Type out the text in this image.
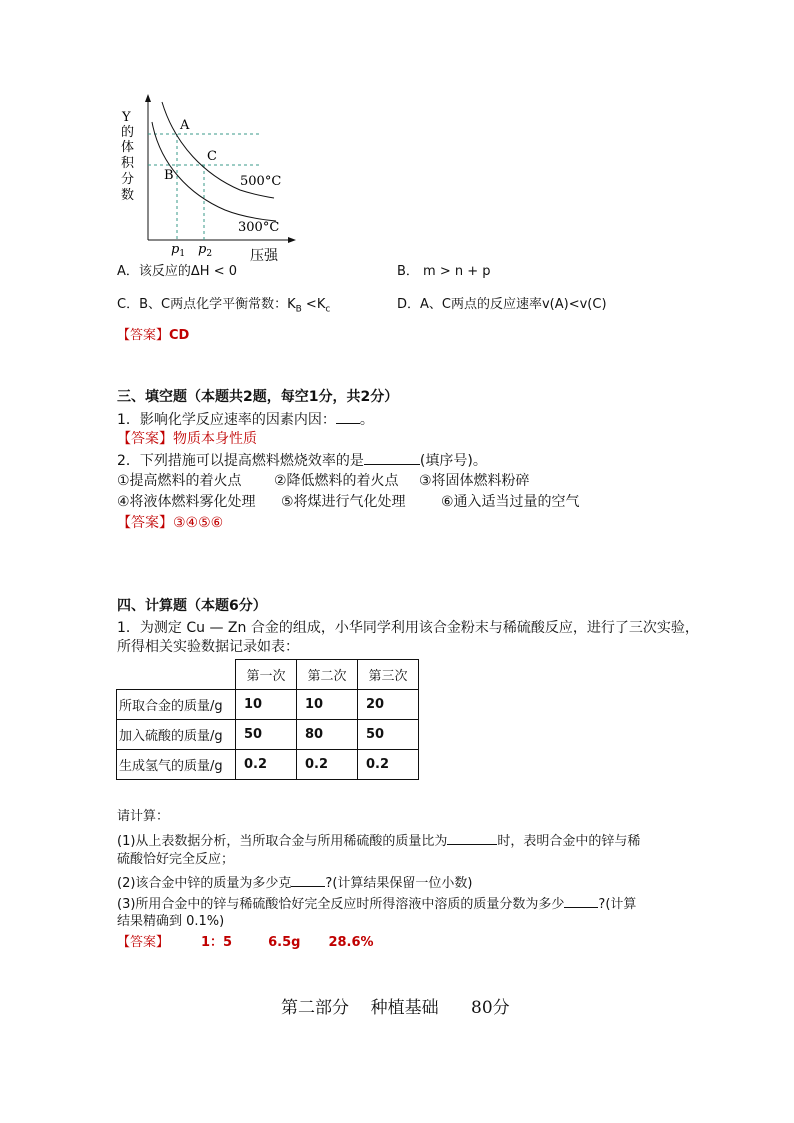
A
B
C
500°C
300°C
$p_1$ $p_2$	压强
Y
的
体
积
分
数
A．该反应的ΔH < 0	B． m > n + p
C．B、C两点化学平衡常数：$K_B <K_c$	D．A、C两点的反应速率v(A)<v(C)
【答案】CD
三、填空题（本题共2题，每空1分，共2分）
1．影响化学反应速率的因素内因： 。
【答案】物质本身性质
2．下列措施可以提高燃料燃烧效率的是	(填序号)。
①提高燃料的着火点 ②降低燃料的着火点 ③将固体燃料粉碎
④将液体燃料雾化处理 ⑤将煤进行气化处理	⑥通入适当过量的空气
【答案】③④⑤⑥
四、计算题（本题6分）
1．为测定 Cu — Zn 合金的组成，小华同学利用该合金粉末与稀硫酸反应，进行了三次实验，
所得相关实验数据记录如表：
	第一次	第二次	第三次
所取合金的质量/g	10	10	20
加入硫酸的质量/g	50	80	50
生成氢气的质量/g	0.2	0.2	0.2
请计算：
(1)从上表数据分析，当所取合金与所用稀硫酸的质量比为	时，表明合金中的锌与稀
硫酸恰好完全反应；
(2)该合金中锌的质量为多少克	?(计算结果保留一位小数)
(3)所用合金中的锌与稀硫酸恰好完全反应时所得溶液中溶质的质量分数为多少	?(计算
结果精确到 0.1%)
【答案】 1：5	6.5g 28.6%
第二部分    种植基础      80分
